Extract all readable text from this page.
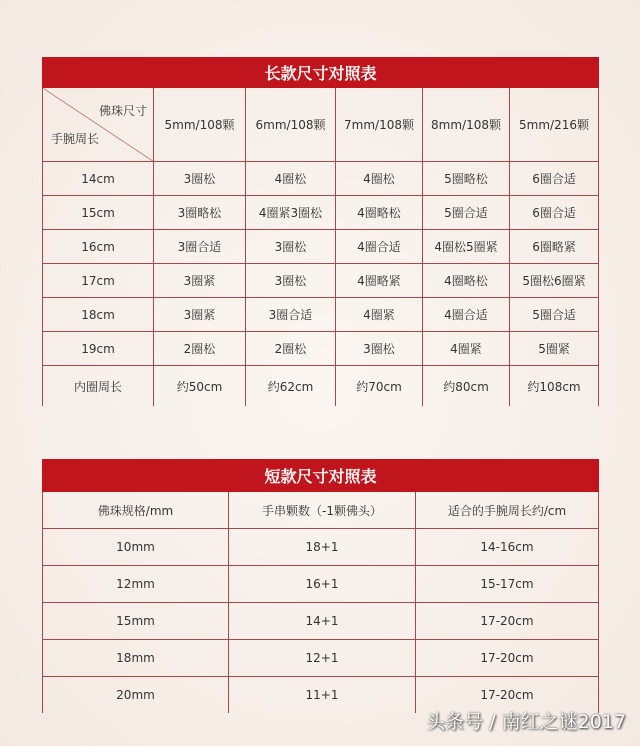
长款尺寸对照表					

佛珠尺寸
手腕周长	5mm/108颗	6mm/108颗	7mm/108颗	8mm/108颗	5mm/216颗
14cm	3圈松	4圈松	4圈松	5圈略松	6圈合适
15cm	3圈略松	4圈紧3圈松	4圈略松	5圈合适	6圈合适
16cm	3圈合适	3圈松	4圈合适	4圈松5圈紧	6圈略紧
17cm	3圈紧	3圈松	4圈略紧	4圈略松	5圈松6圈紧
18cm	3圈紧	3圈合适	4圈紧	4圈合适	5圈合适
19cm	2圈松	2圈松	3圈松	4圈紧	5圈紧
内圈周长	约50cm	约62cm	约70cm	约80cm	约108cm
短款尺寸对照表		
佛珠规格/mm	手串颗数（-1颗佛头）	适合的手腕周长约/cm
10mm	18+1	14-16cm
12mm	16+1	15-17cm
15mm	14+1	17-20cm
18mm	12+1	17-20cm
20mm	11+1	17-20cm
头条号 / 南红之谜2017
